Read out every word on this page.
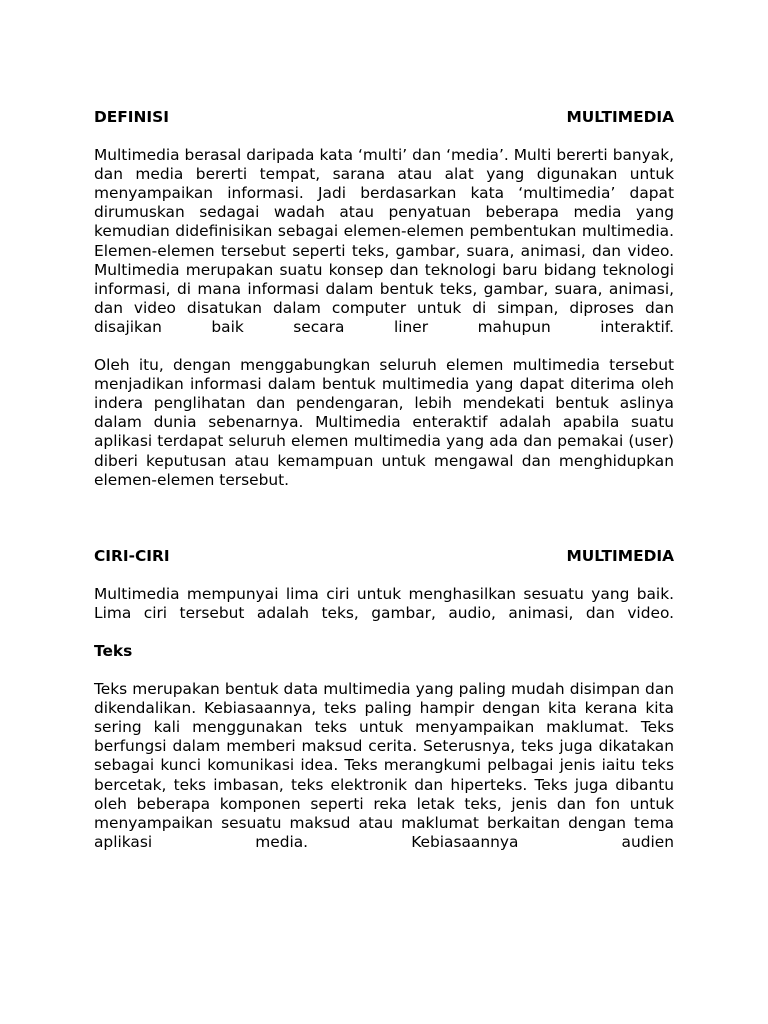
DEFINISI	MULTIMEDIA

Multimedia berasal daripada kata ‘multi’ dan ‘media’. Multi bererti banyak, dan media bererti tempat, sarana atau alat yang digunakan untuk menyampaikan informasi. Jadi berdasarkan kata ‘multimedia’ dapat dirumuskan sedagai wadah atau penyatuan beberapa media yang kemudian didefinisikan sebagai elemen-elemen pembentukan multimedia. Elemen-elemen tersebut seperti teks, gambar, suara, animasi, dan video. Multimedia merupakan suatu konsep dan teknologi baru bidang teknologi informasi, di mana informasi dalam bentuk teks, gambar, suara, animasi, dan video disatukan dalam computer untuk di simpan, diproses dan disajikan baik secara liner mahupun interaktif.

Oleh itu, dengan menggabungkan seluruh elemen multimedia tersebut menjadikan informasi dalam bentuk multimedia yang dapat diterima oleh indera penglihatan dan pendengaran, lebih mendekati bentuk aslinya dalam dunia sebenarnya. Multimedia enteraktif adalah apabila suatu aplikasi terdapat seluruh elemen multimedia yang ada dan pemakai (user) diberi keputusan atau kemampuan untuk mengawal dan menghidupkan elemen-elemen tersebut.

CIRI-CIRI	MULTIMEDIA

Multimedia mempunyai lima ciri untuk menghasilkan sesuatu yang baik. Lima ciri tersebut adalah teks, gambar, audio, animasi, dan video.

Teks

Teks merupakan bentuk data multimedia yang paling mudah disimpan dan dikendalikan. Kebiasaannya, teks paling hampir dengan kita kerana kita sering kali menggunakan teks untuk menyampaikan maklumat. Teks berfungsi dalam memberi maksud cerita. Seterusnya, teks juga dikatakan sebagai kunci komunikasi idea. Teks merangkumi pelbagai jenis iaitu teks bercetak, teks imbasan, teks elektronik dan hiperteks. Teks juga dibantu oleh beberapa komponen seperti reka letak teks, jenis dan fon untuk menyampaikan sesuatu maksud atau maklumat berkaitan dengan tema aplikasi media. Kebiasaannya audien
